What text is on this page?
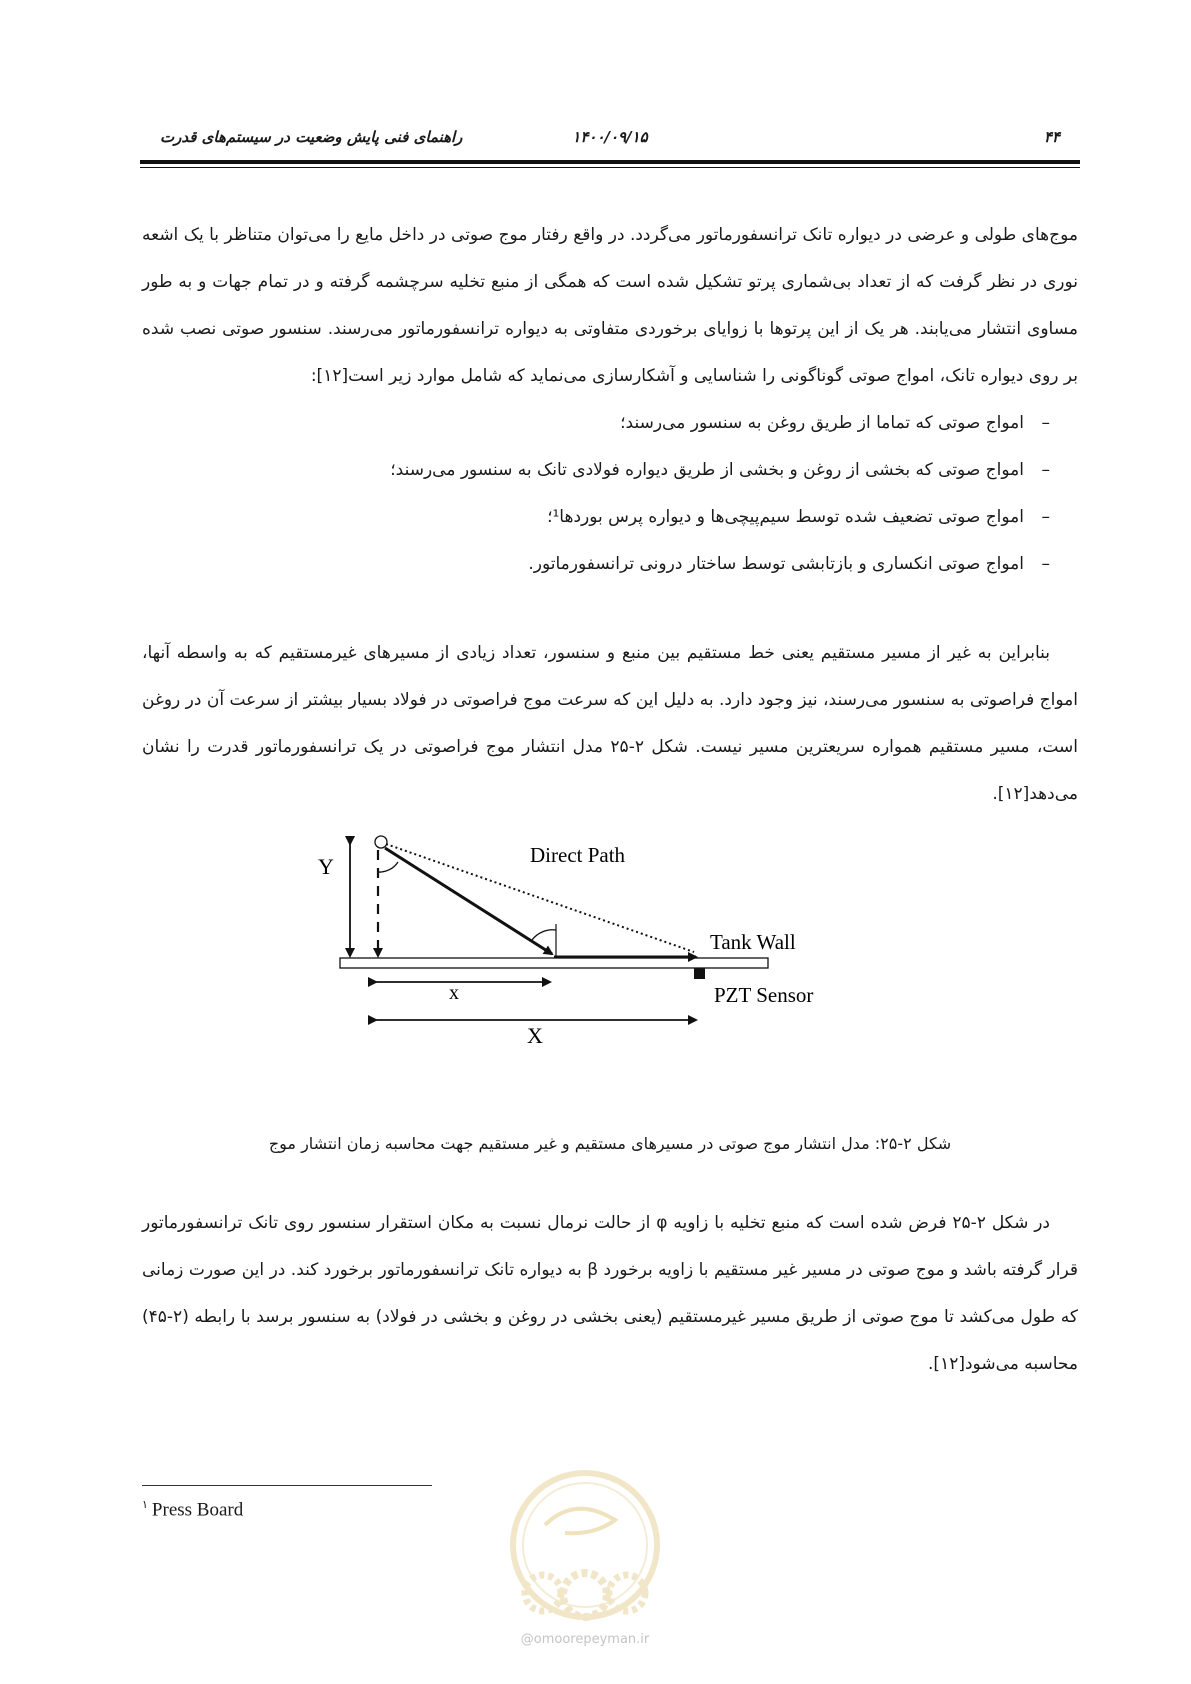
راهنمای فنی پایش وضعیت در سیستم‌های قدرت	۱۴۰۰/۰۹/۱۵	۴۴

موج‌های طولی و عرضی در دیواره تانک ترانسفورماتور می‌گردد. در واقع رفتار موج صوتی در داخل مایع را می‌توان متناظر با یک اشعه نوری در نظر گرفت که از تعداد بی‌شماری پرتو تشکیل شده است که همگی از منبع تخلیه سرچشمه گرفته و در تمام جهات و به طور مساوی انتشار می‌یابند. هر یک از این پرتوها با زوایای برخوردی متفاوتی به دیواره ترانسفورماتور می‌رسند. سنسور صوتی نصب شده بر روی دیواره تانک، امواج صوتی گوناگونی را شناسایی و آشکارسازی می‌نماید که شامل موارد زیر است[۱۲]:

– امواج صوتی که تماما از طریق روغن به سنسور می‌رسند؛
– امواج صوتی که بخشی از روغن و بخشی از طریق دیواره فولادی تانک به سنسور می‌رسند؛
– امواج صوتی تضعیف شده توسط سیم‌پیچی‌ها و دیواره پرس بوردها¹؛
– امواج صوتی انکساری و بازتابشی توسط ساختار درونی ترانسفورماتور.

بنابراین به غیر از مسیر مستقیم یعنی خط مستقیم بین منبع و سنسور، تعداد زیادی از مسیرهای غیرمستقیم که به واسطه آنها، امواج فراصوتی به سنسور می‌رسند، نیز وجود دارد. به دلیل این که سرعت موج فراصوتی در فولاد بسیار بیشتر از سرعت آن در روغن است، مسیر مستقیم همواره سریعترین مسیر نیست. شکل ۲-۲۵ مدل انتشار موج فراصوتی در یک ترانسفورماتور قدرت را نشان می‌دهد[۱۲].

Y	Direct Path
Tank Wall
PZT Sensor
x
X
شکل ۲-۲۵: مدل انتشار موج صوتی در مسیرهای مستقیم و غیر مستقیم جهت محاسبه زمان انتشار موج

در شکل ۲-۲۵ فرض شده است که منبع تخلیه با زاویه φ از حالت نرمال نسبت به مکان استقرار سنسور روی تانک ترانسفورماتور قرار گرفته باشد و موج صوتی در مسیر غیر مستقیم با زاویه برخورد β به دیواره تانک ترانسفورماتور برخورد کند. در این صورت زمانی که طول می‌کشد تا موج صوتی از طریق مسیر غیرمستقیم (یعنی بخشی در روغن و بخشی در فولاد) به سنسور برسد با رابطه (۲-۴۵) محاسبه می‌شود[۱۲].

$^۱$ Press Board
@omoorepeyman.ir
